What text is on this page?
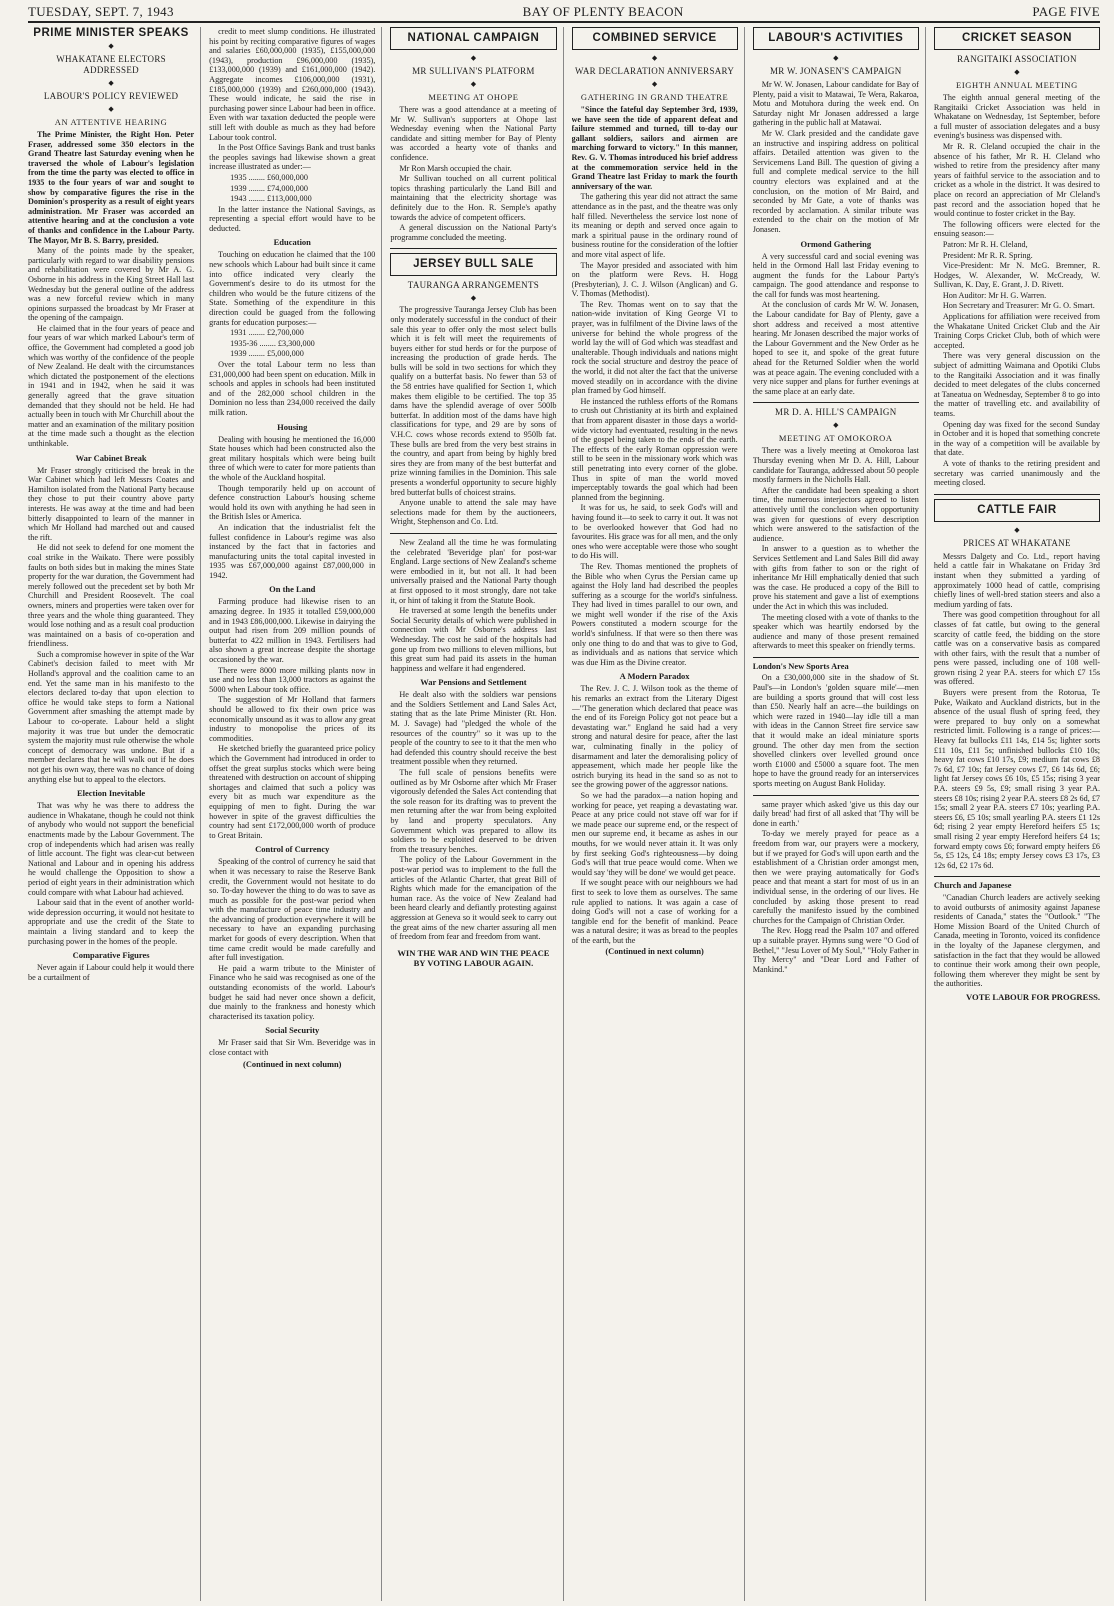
TUESDAY, SEPT. 7, 1943	BAY OF PLENTY BEACON	PAGE FIVE
PRIME MINISTER SPEAKS
◆
WHAKATANE ELECTORS ADDRESSED
◆
LABOUR'S POLICY REVIEWED
◆
AN ATTENTIVE HEARING

The Prime Minister, the Right Hon. Peter Fraser, addressed some 350 electors in the Grand Theatre last Saturday evening when he traversed the whole of Labour's legislation from the time the party was elected to office in 1935 to the four years of war and sought to show by comparative figures the rise in the Dominion's prosperity as a result of eight years administration. Mr Fraser was accorded an attentive hearing and at the conclusion a vote of thanks and confidence in the Labour Party. The Mayor, Mr B. S. Barry, presided.

Many of the points made by the speaker, particularly with regard to war disability pensions and rehabilitation were covered by Mr A. G. Osborne in his address in the King Street Hall last Wednesday but the general outline of the address was a new forceful review which in many opinions surpassed the broadcast by Mr Fraser at the opening of the campaign.

He claimed that in the four years of peace and four years of war which marked Labour's term of office, the Government had completed a good job which was worthy of the confidence of the people of New Zealand. He dealt with the circumstances which dictated the postponement of the elections in 1941 and in 1942, when he said it was generally agreed that the grave situation demanded that they should not be held. He had actually been in touch with Mr Churchill about the matter and an examination of the military position at the time made such a thought as the election unthinkable.

War Cabinet Break

Mr Fraser strongly criticised the break in the War Cabinet which had left Messrs Coates and Hamilton isolated from the National Party because they chose to put their country above party interests. He was away at the time and had been bitterly disappointed to learn of the manner in which Mr Holland had marched out and caused the rift.

He did not seek to defend for one moment the coal strike in the Waikato. There were possibly faults on both sides but in making the mines State property for the war duration, the Government had merely followed out the precedent set by both Mr Churchill and President Roosevelt. The coal owners, miners and properties were taken over for three years and the whole thing guaranteed. They would lose nothing and as a result coal production was maintained on a basis of co-operation and friendliness.

Such a compromise however in spite of the War Cabinet's decision failed to meet with Mr Holland's approval and the coalition came to an end. Yet the same man in his manifesto to the electors declared to-day that upon election to office he would take steps to form a National Government after smashing the attempt made by Labour to co-operate. Labour held a slight majority it was true but under the democratic system the majority must rule otherwise the whole concept of democracy was undone. But if a member declares that he will walk out if he does not get his own way, there was no chance of doing anything else but to appeal to the electors.

Election Inevitable

That was why he was there to address the audience in Whakatane, though he could not think of anybody who would not support the beneficial enactments made by the Labour Government. The crop of independents which had arisen was really of little account. The fight was clear-cut between National and Labour and in opening his address he would challenge the Opposition to show a period of eight years in their administration which could compare with what Labour had achieved.

Labour said that in the event of another world-wide depression occurring, it would not hesitate to appropriate and use the credit of the State to maintain a living standard and to keep the purchasing power in the homes of the people.

Comparative Figures

Never again if Labour could help it would there be a curtailment of

credit to meet slump conditions. He illustrated his point by reciting comparative figures of wages and salaries £60,000,000 (1935), £155,000,000 (1943), production £96,000,000 (1935), £133,000,000 (1939) and £161,000,000 (1942). Aggregate incomes £106,000,000 (1931), £185,000,000 (1939) and £260,000,000 (1943). These would indicate, he said the rise in purchasing power since Labour had been in office. Even with war taxation deducted the people were still left with double as much as they had before Labour took control.

In the Post Office Savings Bank and trust banks the peoples savings had likewise shown a great increase illustrated as under:—

1935 ........ £60,000,000

1939 ........ £74,000,000

1943 ........ £113,000,000

In the latter instance the National Savings, as representing a special effort would have to be deducted.

Education

Touching on education he claimed that the 100 new schools which Labour had built since it came into office indicated very clearly the Government's desire to do its utmost for the children who would be the future citizens of the State. Something of the expenditure in this direction could be guaged from the following grants for education purposes:—

1931 ........ £2,700,000

1935-36 ........ £3,300,000

1939 ........ £5,000,000

Over the total Labour term no less than £31,000,000 had been spent on education. Milk in schools and apples in schools had been instituted and of the 282,000 school children in the Dominion no less than 234,000 received the daily milk ration.

Housing

Dealing with housing he mentioned the 16,000 State houses which had been constructed also the great military hospitals which were being built three of which were to cater for more patients than the whole of the Auckland hospital.

Though temporarily held up on account of defence construction Labour's housing scheme would hold its own with anything he had seen in the British Isles or America.

An indication that the industrialist felt the fullest confidence in Labour's regime was also instanced by the fact that in factories and manufacturing units the total capital invested in 1935 was £67,000,000 against £87,000,000 in 1942.

On the Land

Farming produce had likewise risen to an amazing degree. In 1935 it totalled £59,000,000 and in 1943 £86,000,000. Likewise in dairying the output had risen from 209 million pounds of butterfat to 422 million in 1943. Fertilisers had also shown a great increase despite the shortage occasioned by the war.

There were 8000 more milking plants now in use and no less than 13,000 tractors as against the 5000 when Labour took office.

The suggestion of Mr Holland that farmers should be allowed to fix their own price was economically unsound as it was to allow any great industry to monopolise the prices of its commodities.

He sketched briefly the guaranteed price policy which the Government had introduced in order to offset the great surplus stocks which were being threatened with destruction on account of shipping shortages and claimed that such a policy was every bit as much war expenditure as the equipping of men to fight. During the war however in spite of the gravest difficulties the country had sent £172,000,000 worth of produce to Great Britain.

Control of Currency

Speaking of the control of currency he said that when it was necessary to raise the Reserve Bank credit, the Government would not hesitate to do so. To-day however the thing to do was to save as much as possible for the post-war period when with the manufacture of peace time industry and the advancing of production everywhere it will be necessary to have an expanding purchasing market for goods of every description. When that time came credit would be made carefully and after full investigation.

He paid a warm tribute to the Minister of Finance who he said was recognised as one of the outstanding economists of the world. Labour's budget he said had never once shown a deficit, due mainly to the frankness and honesty which characterised its taxation policy.

Social Security

Mr Fraser said that Sir Wm. Beveridge was in close contact with

(Continued in next column)
NATIONAL CAMPAIGN
◆
MR SULLIVAN'S PLATFORM
◆
MEETING AT OHOPE

There was a good attendance at a meeting of Mr W. Sullivan's supporters at Ohope last Wednesday evening when the National Party candidate and sitting member for Bay of Plenty was accorded a hearty vote of thanks and confidence.

Mr Ron Marsh occupied the chair.

Mr Sullivan touched on all current political topics thrashing particularly the Land Bill and maintaining that the electricity shortage was definitely due to the Hon. R. Semple's apathy towards the advice of competent officers.

A general discussion on the National Party's programme concluded the meeting.

JERSEY BULL SALE
TAURANGA ARRANGEMENTS
◆

The progressive Tauranga Jersey Club has been only moderately successful in the conduct of their sale this year to offer only the most select bulls which it is felt will meet the requirements of buyers either for stud herds or for the purpose of increasing the production of grade herds. The bulls will be sold in two sections for which they qualify on a butterfat basis. No fewer than 53 of the 58 entries have qualified for Section 1, which makes them eligible to be certified. The top 35 dams have the splendid average of over 500lb butterfat. In addition most of the dams have high classifications for type, and 29 are by sons of V.H.C. cows whose records extend to 950lb fat. These bulls are bred from the very best strains in the country, and apart from being by highly bred sires they are from many of the best butterfat and prize winning families in the Dominion. This sale presents a wonderful opportunity to secure highly bred butterfat bulls of choicest strains.

Anyone unable to attend the sale may have selections made for them by the auctioneers, Wright, Stephenson and Co. Ltd.

New Zealand all the time he was formulating the celebrated 'Beveridge plan' for post-war England. Large sections of New Zealand's scheme were embodied in it, but not all. It had been universally praised and the National Party though at first opposed to it most strongly, dare not take it, or hint of taking it from the Statute Book.

He traversed at some length the benefits under Social Security details of which were published in connection with Mr Osborne's address last Wednesday. The cost he said of the hospitals had gone up from two millions to eleven millions, but this great sum had paid its assets in the human happiness and welfare it had engendered.

War Pensions and Settlement

He dealt also with the soldiers war pensions and the Soldiers Settlement and Land Sales Act, stating that as the late Prime Minister (Rt. Hon. M. J. Savage) had "pledged the whole of the resources of the country" so it was up to the people of the country to see to it that the men who had defended this country should receive the best treatment possible when they returned.

The full scale of pensions benefits were outlined as by Mr Osborne after which Mr Fraser vigorously defended the Sales Act contending that the sole reason for its drafting was to prevent the men returning after the war from being exploited by land and property speculators. Any Government which was prepared to allow its soldiers to be exploited deserved to be driven from the treasury benches.

The policy of the Labour Government in the post-war period was to implement to the full the articles of the Atlantic Charter, that great Bill of Rights which made for the emancipation of the human race. As the voice of New Zealand had been heard clearly and defiantly protesting against aggression at Geneva so it would seek to carry out the great aims of the new charter assuring all men of freedom from fear and freedom from want.

WIN THE WAR AND WIN THE PEACE BY VOTING LABOUR AGAIN.
COMBINED SERVICE
◆
WAR DECLARATION ANNIVERSARY
◆
GATHERING IN GRAND THEATRE

"Since the fateful day September 3rd, 1939, we have seen the tide of apparent defeat and failure stemmed and turned, till to-day our gallant soldiers, sailors and airmen are marching forward to victory." In this manner, Rev. G. V. Thomas introduced his brief address at the commemoration service held in the Grand Theatre last Friday to mark the fourth anniversary of the war.

The gathering this year did not attract the same attendance as in the past, and the theatre was only half filled. Nevertheless the service lost none of its meaning or depth and served once again to mark a spiritual pause in the ordinary round of business routine for the consideration of the loftier and more vital aspect of life.

The Mayor presided and associated with him on the platform were Revs. H. Hogg (Presbyterian), J. C. J. Wilson (Anglican) and G. V. Thomas (Methodist).

The Rev. Thomas went on to say that the nation-wide invitation of King George VI to prayer, was in fulfilment of the Divine laws of the universe for behind the whole progress of the world lay the will of God which was steadfast and unalterable. Though individuals and nations might rock the social structure and destroy the peace of the world, it did not alter the fact that the universe moved steadily on in accordance with the divine plan framed by God himself.

He instanced the ruthless efforts of the Romans to crush out Christianity at its birth and explained that from apparent disaster in those days a world-wide victory had eventuated, resulting in the news of the gospel being taken to the ends of the earth. The effects of the early Roman oppression were still to be seen in the missionary work which was still penetrating into every corner of the globe. Thus in spite of man the world moved imperceptably towards the goal which had been planned from the beginning.

It was for us, he said, to seek God's will and having found it—to seek to carry it out. It was not to be overlooked however that God had no favourites. His grace was for all men, and the only ones who were acceptable were those who sought to do His will.

The Rev. Thomas mentioned the prophets of the Bible who when Cyrus the Persian came up against the Holy land had described the peoples suffering as a scourge for the world's sinfulness. They had lived in times parallel to our own, and we might well wonder if the rise of the Axis Powers constituted a modern scourge for the world's sinfulness. If that were so then there was only one thing to do and that was to give to God, as individuals and as nations that service which was due Him as the Divine creator.

A Modern Paradox

The Rev. J. C. J. Wilson took as the theme of his remarks an extract from the Literary Digest—"The generation which declared that peace was the end of its Foreign Policy got not peace but a devastating war." England he said had a very strong and natural desire for peace, after the last war, culminating finally in the policy of disarmament and later the demoralising policy of appeasement, which made her people like the ostrich burying its head in the sand so as not to see the growing power of the aggressor nations.

So we had the paradox—a nation hoping and working for peace, yet reaping a devastating war. Peace at any price could not stave off war for if we made peace our supreme end, or the respect of men our supreme end, it became as ashes in our mouths, for we would never attain it. It was only by first seeking God's righteousness—by doing God's will that true peace would come. When we would say 'they will be done' we would get peace.

If we sought peace with our neighbours we had first to seek to love them as ourselves. The same rule applied to nations. It was again a case of doing God's will not a case of working for a tangible end for the benefit of mankind. Peace was a natural desire; it was as bread to the peoples of the earth, but the

(Continued in next column)
LABOUR'S ACTIVITIES
◆
MR W. JONASEN'S CAMPAIGN

Mr W. W. Jonasen, Labour candidate for Bay of Plenty, paid a visit to Matawai, Te Wera, Rakaroa, Motu and Motuhora during the week end. On Saturday night Mr Jonasen addressed a large gathering in the public hall at Matawai.

Mr W. Clark presided and the candidate gave an instructive and inspiring address on political affairs. Detailed attention was given to the Servicemens Land Bill. The question of giving a full and complete medical service to the hill country electors was explained and at the conclusion, on the motion of Mr Baird, and seconded by Mr Gate, a vote of thanks was recorded by acclamation. A similar tribute was extended to the chair on the motion of Mr Jonasen.

Ormond Gathering

A very successful card and social evening was held in the Ormond Hall last Friday evening to augment the funds for the Labour Party's campaign. The good attendance and response to the call for funds was most heartening.

At the conclusion of cards Mr W. W. Jonasen, the Labour candidate for Bay of Plenty, gave a short address and received a most attentive hearing. Mr Jonasen described the major works of the Labour Government and the New Order as he hoped to see it, and spoke of the great future ahead for the Returned Soldier when the world was at peace again. The evening concluded with a very nice supper and plans for further evenings at the same place at an early date.

MR D. A. HILL'S CAMPAIGN
◆
MEETING AT OMOKOROA

There was a lively meeting at Omokoroa last Thursday evening when Mr D. A. Hill, Labour candidate for Tauranga, addressed about 50 people mostly farmers in the Nicholls Hall.

After the candidate had been speaking a short time, the numerous interjectors agreed to listen attentively until the conclusion when opportunity was given for questions of every description which were answered to the satisfaction of the audience.

In answer to a question as to whether the Services Settlement and Land Sales Bill did away with gifts from father to son or the right of inheritance Mr Hill emphatically denied that such was the case. He produced a copy of the Bill to prove his statement and gave a list of exemptions under the Act in which this was included.

The meeting closed with a vote of thanks to the speaker which was heartily endorsed by the audience and many of those present remained afterwards to meet this speaker on friendly terms.

London's New Sports Area

On a £30,000,000 site in the shadow of St. Paul's—in London's 'golden square mile'—men are building a sports ground that will cost less than £50. Nearly half an acre—the buildings on which were razed in 1940—lay idle till a man with ideas in the Cannon Street fire service saw that it would make an ideal miniature sports ground. The other day men from the section shovelled clinkers over levelled ground once worth £1000 and £5000 a square foot. The men hope to have the ground ready for an interservices sports meeting on August Bank Holiday.

same prayer which asked 'give us this day our daily bread' had first of all asked that 'Thy will be done in earth.'

To-day we merely prayed for peace as a freedom from war, our prayers were a mockery, but if we prayed for God's will upon earth and the establishment of a Christian order amongst men, then we were praying automatically for God's peace and that meant a start for most of us in an individual sense, in the ordering of our lives. He concluded by asking those present to read carefully the manifesto issued by the combined churches for the Campaign of Christian Order.

The Rev. Hogg read the Psalm 107 and offered up a suitable prayer. Hymns sung were "O God of Bethel," "Jesu Lover of My Soul," "Holy Father in Thy Mercy" and "Dear Lord and Father of Mankind."

CRICKET SEASON
RANGITAIKI ASSOCIATION
◆
EIGHTH ANNUAL MEETING

The eighth annual general meeting of the Rangitaiki Cricket Association was held in Whakatane on Wednesday, 1st September, before a full muster of association delegates and a busy evening's business was dispensed with.

Mr R. R. Cleland occupied the chair in the absence of his father, Mr R. H. Cleland who wished to retire from the presidency after many years of faithful service to the association and to cricket as a whole in the district. It was desired to place on record an appreciation of Mr Cleland's past record and the association hoped that he would continue to foster cricket in the Bay.

The following officers were elected for the ensuing season:—

Patron: Mr R. H. Cleland,

President: Mr R. R. Spring.

Vice-President: Mr N. McG. Bremner, R. Hodges, W. Alexander, W. McCready, W. Sullivan, K. Day, E. Grant, J. D. Rivett.

Hon Auditor: Mr H. G. Warren.

Hon Secretary and Treasurer: Mr G. O. Smart.

Applications for affiliation were received from the Whakatane United Cricket Club and the Air Training Corps Cricket Club, both of which were accepted.

There was very general discussion on the subject of admitting Waimana and Opotiki Clubs to the Rangitaiki Association and it was finally decided to meet delegates of the clubs concerned at Taneatua on Wednesday, September 8 to go into the matter of travelling etc. and availability of teams.

Opening day was fixed for the second Sunday in October and it is hoped that something concrete in the way of a competition will be available by that date.

A vote of thanks to the retiring president and secretary was carried unanimously and the meeting closed.

CATTLE FAIR
◆
PRICES AT WHAKATANE

Messrs Dalgety and Co. Ltd., report having held a cattle fair in Whakatane on Friday 3rd instant when they submitted a yarding of approximately 1000 head of cattle, comprising chiefly lines of well-bred station steers and also a medium yarding of fats.

There was good competition throughout for all classes of fat cattle, but owing to the general scarcity of cattle feed, the bidding on the store cattle was on a conservative basis as compared with other fairs, with the result that a number of pens were passed, including one of 108 well-grown rising 2 year P.A. steers for which £7 15s was offered.

Buyers were present from the Rotorua, Te Puke, Waikato and Auckland districts, but in the absence of the usual flush of spring feed, they were prepared to buy only on a somewhat restricted limit. Following is a range of prices:— Heavy fat bullocks £11 14s, £14 5s; lighter sorts £11 10s, £11 5s; unfinished bullocks £10 10s; heavy fat cows £10 17s, £9; medium fat cows £8 7s 6d, £7 10s; fat Jersey cows £7, £6 14s 6d, £6; light fat Jersey cows £6 10s, £5 15s; rising 3 year P.A. steers £9 5s, £9; small rising 3 year P.A. steers £8 10s; rising 2 year P.A. steers £8 2s 6d, £7 15s; small 2 year P.A. steers £7 10s; yearling P.A. steers £6, £5 10s; small yearling P.A. steers £1 12s 6d; rising 2 year empty Hereford heifers £5 1s; small rising 2 year empty Hereford heifers £4 1s; forward empty cows £6; forward empty heifers £6 5s, £5 12s, £4 18s; empty Jersey cows £3 17s, £3 12s 6d, £2 17s 6d.

Church and Japanese

"Canadian Church leaders are actively seeking to avoid outbursts of animosity against Japanese residents of Canada," states the "Outlook." "The Home Mission Board of the United Church of Canada, meeting in Toronto, voiced its confidence in the loyalty of the Japanese clergymen, and satisfaction in the fact that they would be allowed to continue their work among their own people, following them wherever they might be sent by the authorities.

VOTE LABOUR FOR PROGRESS.
